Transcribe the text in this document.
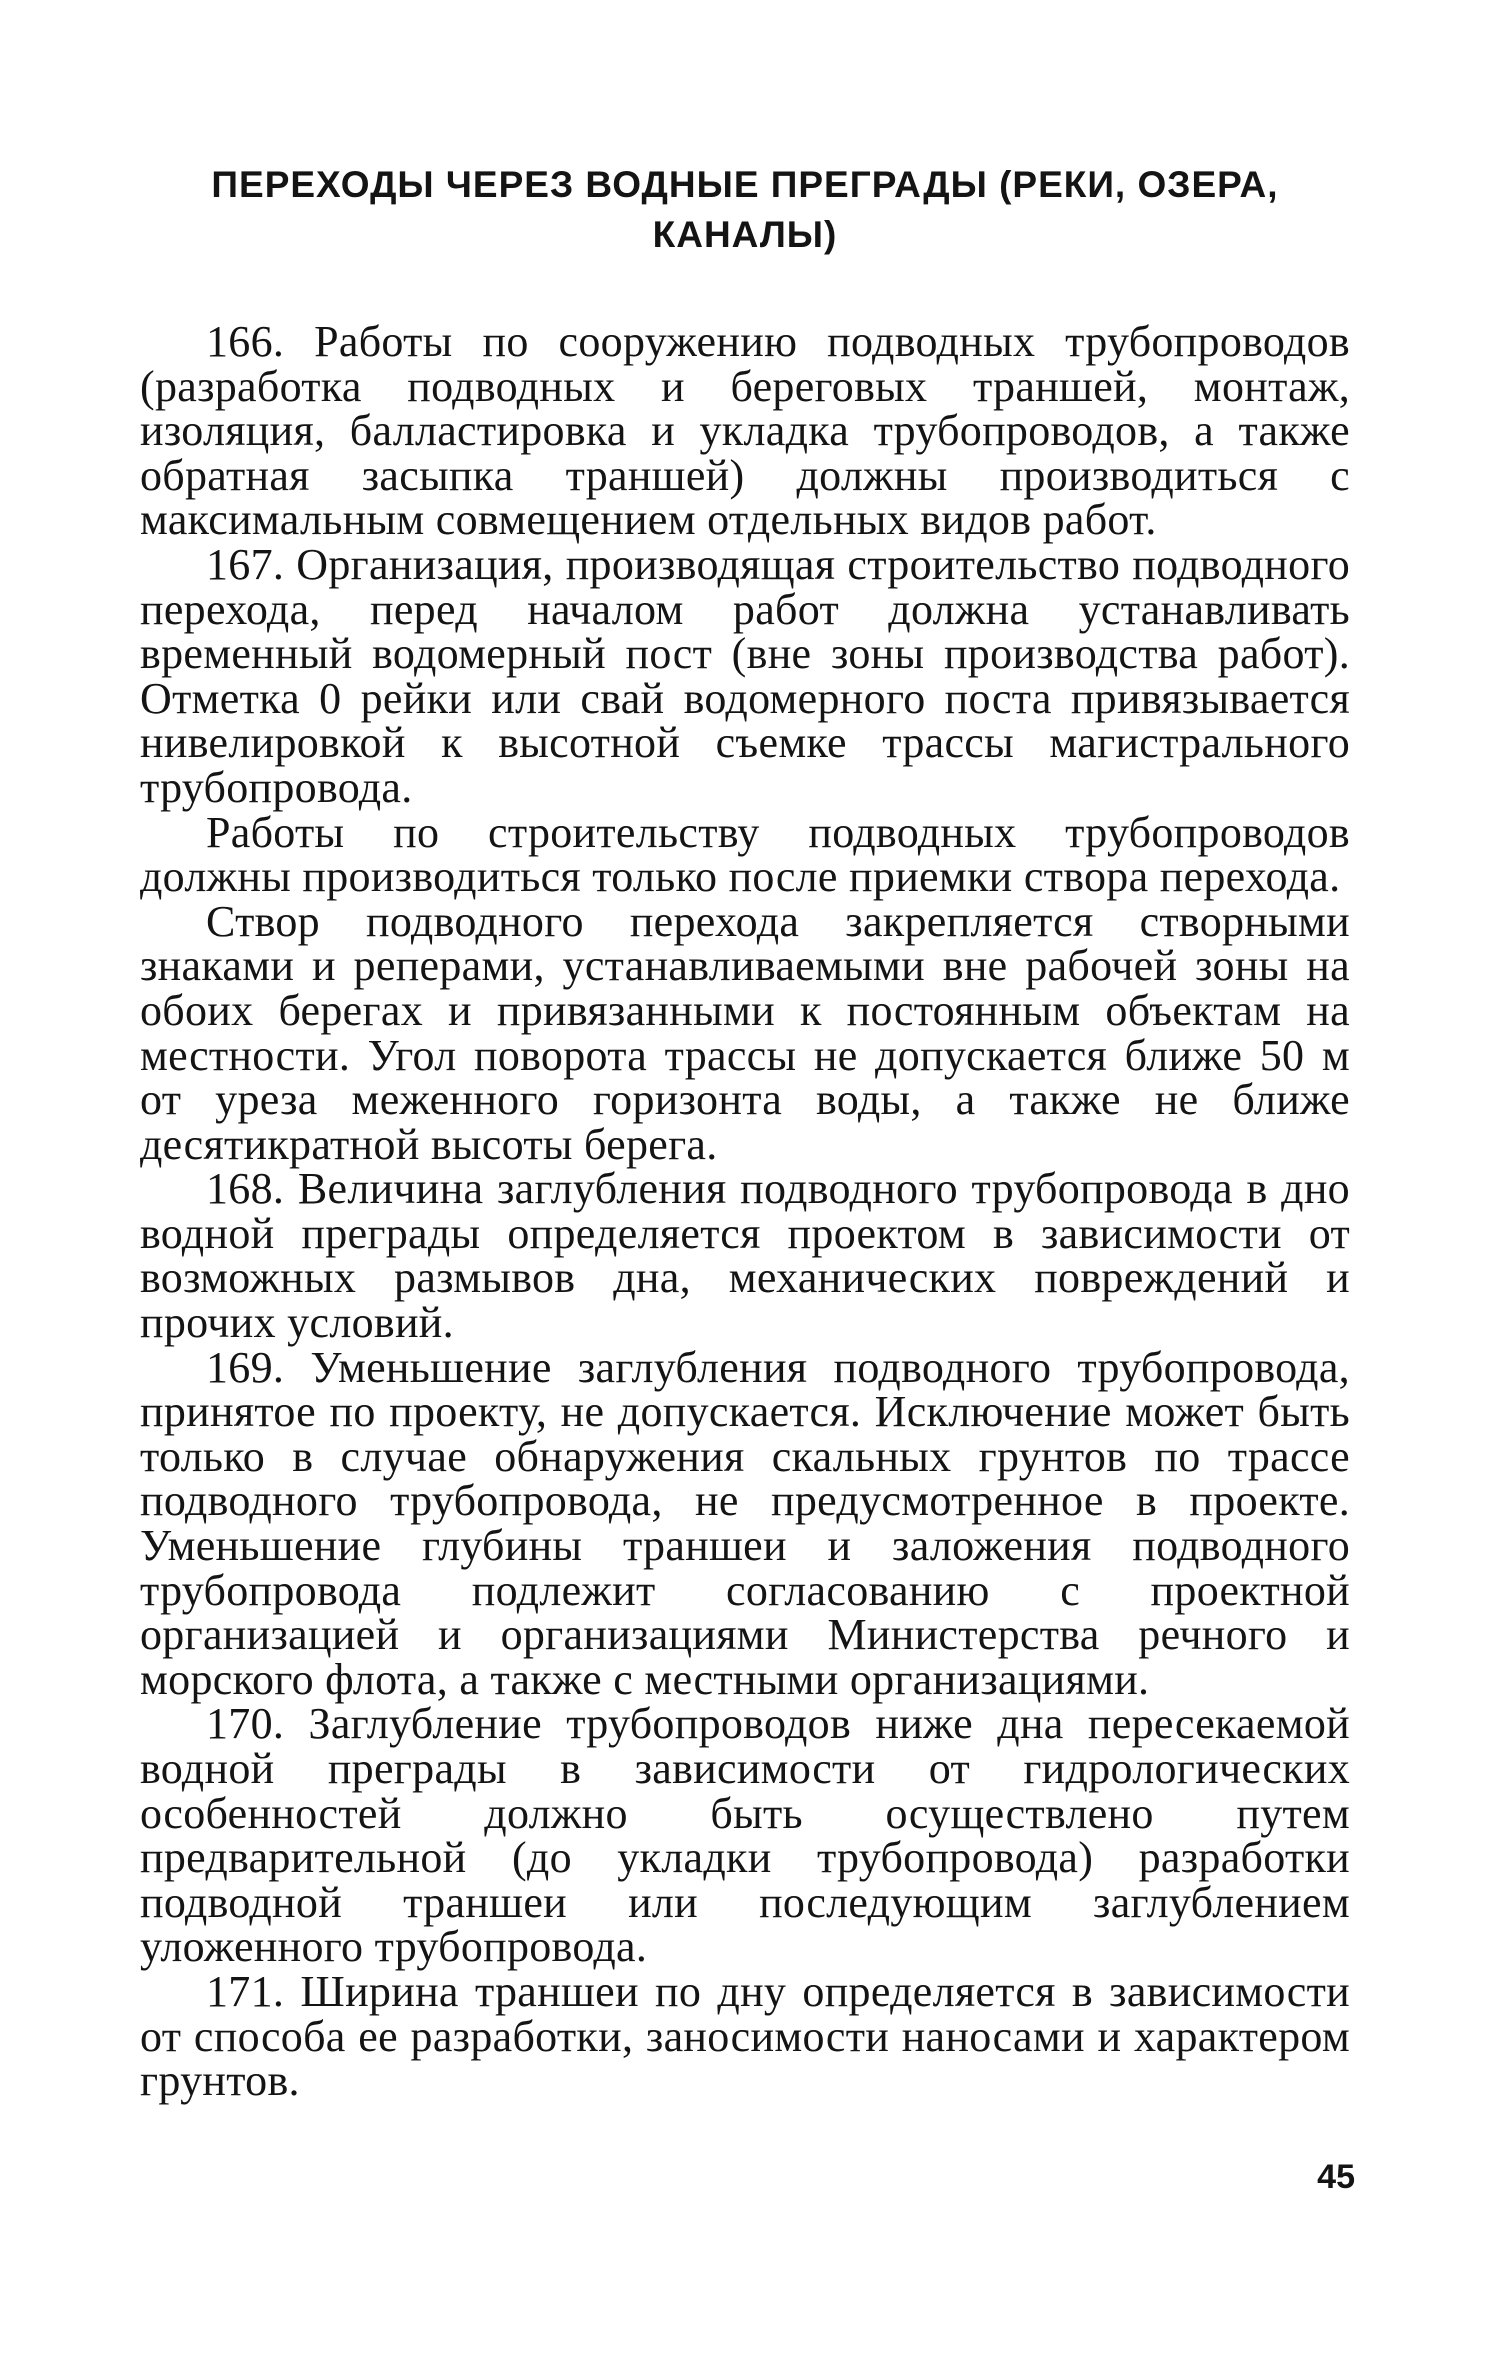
ПЕРЕХОДЫ ЧЕРЕЗ ВОДНЫЕ ПРЕГРАДЫ (РЕКИ, ОЗЕРА,
КАНАЛЫ)

166. Работы по сооружению подводных трубопроводов (разработка подводных и береговых траншей, монтаж, изоляция, балластировка и укладка трубопроводов, а также обратная засыпка траншей) должны производиться с максимальным совмещением отдельных видов работ.

167. Организация, производящая строительство подводного перехода, перед началом работ должна устанавливать временный водомерный пост (вне зоны производства работ). Отметка 0 рейки или свай водомерного поста привязывается нивелировкой к высотной съемке трассы магистрального трубопровода.

Работы по строительству подводных трубопроводов должны производиться только после приемки створа перехода.

Створ подводного перехода закрепляется створными знаками и реперами, устанавливаемыми вне рабочей зоны на обоих берегах и привязанными к постоянным объектам на местности. Угол поворота трассы не допускается ближе 50 м от уреза меженного горизонта воды, а также не ближе десятикратной высоты берега.

168. Величина заглубления подводного трубопровода в дно водной преграды определяется проектом в зависимости от возможных размывов дна, механических повреждений и прочих условий.

169. Уменьшение заглубления подводного трубопровода, принятое по проекту, не допускается. Исключение может быть только в случае обнаружения скальных грунтов по трассе подводного трубопровода, не предусмотренное в проекте. Уменьшение глубины траншеи и заложения подводного трубопровода подлежит согласованию с проектной организацией и организациями Министерства речного и морского флота, а также с местными организациями.

170. Заглубление трубопроводов ниже дна пересекаемой водной преграды в зависимости от гидрологических особенностей должно быть осуществлено путем предварительной (до укладки трубопровода) разработки подводной траншеи или последующим заглублением уложенного трубопровода.

171. Ширина траншеи по дну определяется в зависимости от способа ее разработки, заносимости наносами и характером грунтов.

45
